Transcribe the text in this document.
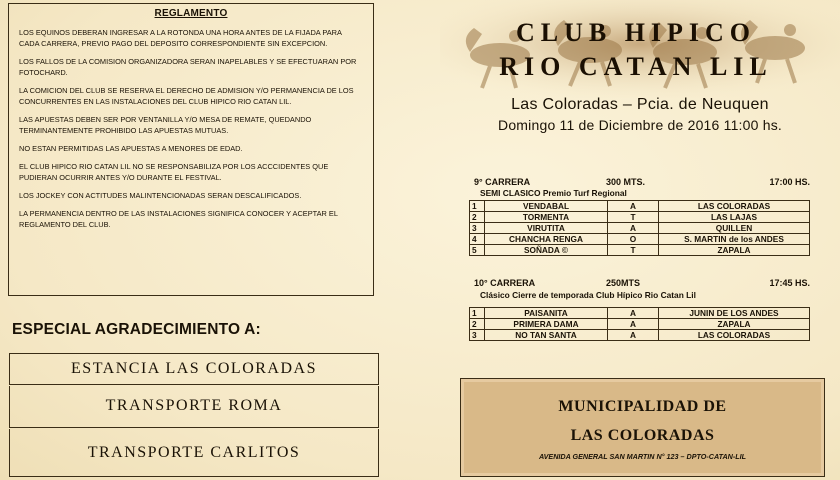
REGLAMENTO

LOS EQUINOS DEBERAN INGRESAR A LA ROTONDA UNA HORA ANTES DE LA FIJADA PARA CADA CARRERA, PREVIO PAGO DEL DEPOSITO CORRESPONDIENTE SIN EXCEPCION.

LOS FALLOS DE LA COMISION ORGANIZADORA SERAN INAPELABLES Y SE EFECTUARAN POR FOTOCHARD.

LA COMICION DEL CLUB SE RESERVA EL DERECHO DE ADMISION Y/O PERMANENCIA DE LOS CONCURRENTES EN LAS INSTALACIONES DEL CLUB HIPICO RIO CATAN LIL.

LAS APUESTAS DEBEN SER POR VENTANILLA Y/O MESA DE REMATE, QUEDANDO TERMINANTEMENTE PROHIBIDO LAS APUESTAS MUTUAS.

NO ESTAN PERMITIDAS LAS APUESTAS A MENORES DE EDAD.

EL CLUB HIPICO RIO CATAN LIL NO SE RESPONSABILIZA POR LOS ACCCIDENTES QUE PUDIERAN OCURRIR ANTES Y/O DURANTE EL FESTIVAL.

LOS JOCKEY CON ACTITUDES MALINTENCIONADAS SERAN DESCALIFICADOS.

LA PERMANENCIA DENTRO DE LAS INSTALACIONES SIGNIFICA CONOCER Y ACEPTAR EL REGLAMENTO DEL CLUB.

ESPECIAL AGRADECIMIENTO A:
ESTANCIA LAS COLORADAS
TRANSPORTE ROMA
TRANSPORTE CARLITOS
CLUB HIPICO
RIO CATAN LIL
Las Coloradas – Pcia. de Neuquen
Domingo 11 de Diciembre de 2016 11:00 hs.
9° CARRERA	300 MTS.	17:00 HS.
SEMI CLASICO Premio Turf Regional
1	VENDABAL	A	LAS COLORADAS
2	TORMENTA	T	LAS LAJAS
3	VIRUTITA	A	QUILLEN
4	CHANCHA RENGA	O	S. MARTIN de los ANDES
5	SOÑADA ©	T	ZAPALA
10° CARRERA	250MTS	17:45 HS.
Clásico Cierre de temporada Club Hípico Rio Catan Lil
1	PAISANITA	A	JUNIN DE LOS ANDES
2	PRIMERA DAMA	A	ZAPALA
3	NO TAN SANTA	A	LAS COLORADAS
MUNICIPALIDAD DE
LAS COLORADAS
AVENIDA GENERAL SAN MARTIN N° 123 – DPTO-CATAN-LIL
